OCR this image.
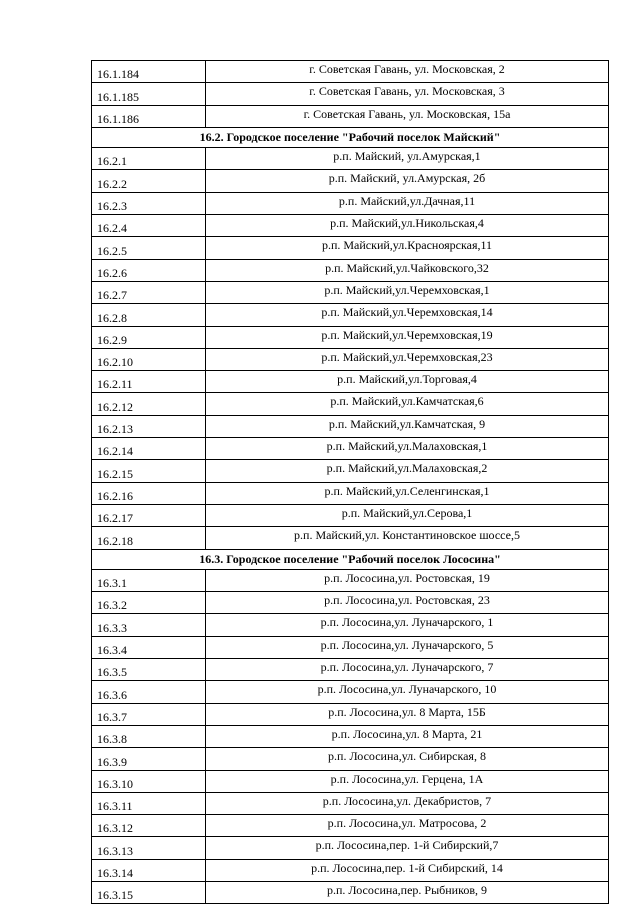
16.1.184	г. Советская Гавань, ул. Московская, 2
16.1.185	г. Советская Гавань, ул. Московская, 3
16.1.186	г. Советская Гавань, ул. Московская, 15а
16.2. Городское поселение "Рабочий поселок Майский"	
16.2.1	р.п. Майский, ул.Амурская,1
16.2.2	р.п. Майский, ул.Амурская, 2б
16.2.3	р.п. Майский,ул.Дачная,11
16.2.4	р.п. Майский,ул.Никольская,4
16.2.5	р.п. Майский,ул.Красноярская,11
16.2.6	р.п. Майский,ул.Чайковского,32
16.2.7	р.п. Майский,ул.Черемховская,1
16.2.8	р.п. Майский,ул.Черемховская,14
16.2.9	р.п. Майский,ул.Черемховская,19
16.2.10	р.п. Майский,ул.Черемховская,23
16.2.11	р.п. Майский,ул.Торговая,4
16.2.12	р.п. Майский,ул.Камчатская,6
16.2.13	р.п. Майский,ул.Камчатская, 9
16.2.14	р.п. Майский,ул.Малаховская,1
16.2.15	р.п. Майский,ул.Малаховская,2
16.2.16	р.п. Майский,ул.Селенгинская,1
16.2.17	р.п. Майский,ул.Серова,1
16.2.18	р.п. Майский,ул. Константиновское шоссе,5
16.3. Городское поселение "Рабочий поселок Лососина"	
16.3.1	р.п. Лососина,ул. Ростовская, 19
16.3.2	р.п. Лососина,ул. Ростовская, 23
16.3.3	р.п. Лососина,ул. Луначарского, 1
16.3.4	р.п. Лососина,ул. Луначарского, 5
16.3.5	р.п. Лососина,ул. Луначарского, 7
16.3.6	р.п. Лососина,ул. Луначарского, 10
16.3.7	р.п. Лососина,ул. 8 Марта, 15Б
16.3.8	р.п. Лососина,ул. 8 Марта, 21
16.3.9	р.п. Лососина,ул. Сибирская, 8
16.3.10	р.п. Лососина,ул. Герцена, 1А
16.3.11	р.п. Лососина,ул. Декабристов, 7
16.3.12	р.п. Лососина,ул. Матросова, 2
16.3.13	р.п. Лососина,пер. 1-й Сибирский,7
16.3.14	р.п. Лососина,пер. 1-й Сибирский, 14
16.3.15	р.п. Лососина,пер. Рыбников, 9
